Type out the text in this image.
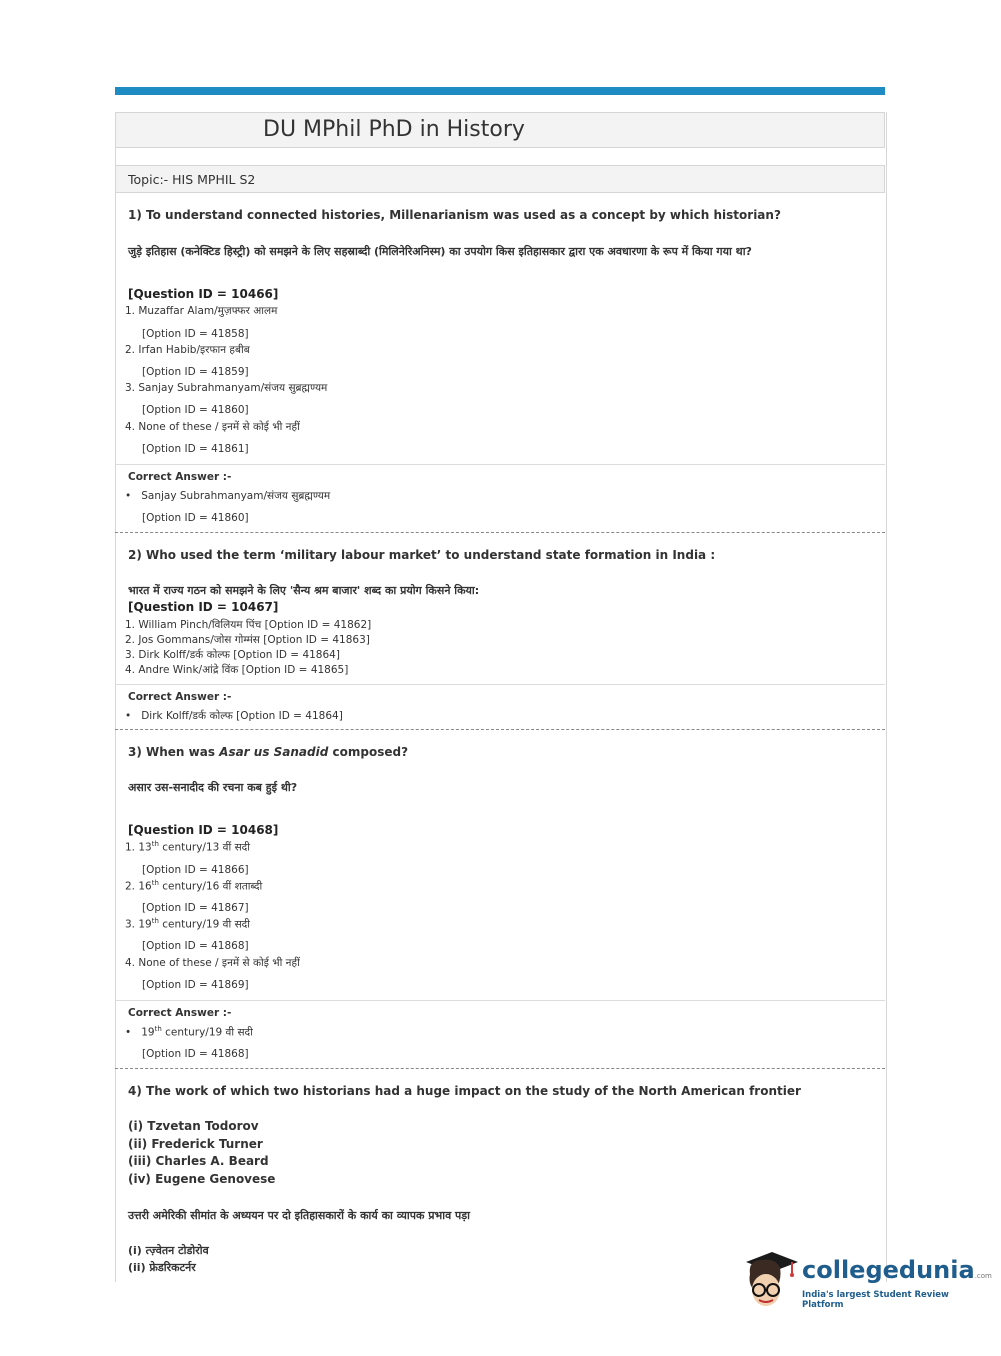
DU MPhil PhD in History
Topic:- HIS MPHIL S2
1) To understand connected histories, Millenarianism was used as a concept by which historian?
जुड़े इतिहास (कनेक्टिड हिस्ट्री) को समझने के लिए सहस्राब्दी (मिलिनेरिअनिस्म) का उपयोग किस इतिहासकार द्वारा एक अवधारणा के रूप में किया गया था?
[Question ID = 10466]
1. Muzaffar Alam/मुज़फ्फर आलम
[Option ID = 41858]
2. Irfan Habib/इरफान हबीब
[Option ID = 41859]
3. Sanjay Subrahmanyam/संजय सुब्रह्मण्यम
[Option ID = 41860]
4. None of these / इनमें से कोई भी नहीं
[Option ID = 41861]
Correct Answer :-
•   Sanjay Subrahmanyam/संजय सुब्रह्मण्यम
[Option ID = 41860]
2) Who used the term ‘military labour market’ to understand state formation in India :
भारत में राज्य गठन को समझने के लिए 'सैन्य श्रम बाजार' शब्द का प्रयोग किसने किया:
[Question ID = 10467]
1. William Pinch/विलियम पिंच [Option ID = 41862]
2. Jos Gommans/जोस गोम्मंस [Option ID = 41863]
3. Dirk Kolff/डर्क कोल्फ [Option ID = 41864]
4. Andre Wink/आंद्रे विंक [Option ID = 41865]
Correct Answer :-
•   Dirk Kolff/डर्क कोल्फ [Option ID = 41864]
3) When was Asar us Sanadid composed?
असार उस-सनादीद की रचना कब हुई थी?
[Question ID = 10468]
1. 13th century/13 वीं सदी
[Option ID = 41866]
2. 16th century/16 वीं शताब्दी
[Option ID = 41867]
3. 19th century/19 वी सदी
[Option ID = 41868]
4. None of these / इनमें से कोई भी नहीं
[Option ID = 41869]
Correct Answer :-
•   19th century/19 वी सदी
[Option ID = 41868]
4) The work of which two historians had a huge impact on the study of the North American frontier
(i) Tzvetan Todorov
(ii) Frederick Turner
(iii) Charles A. Beard
(iv) Eugene Genovese
उत्तरी अमेरिकी सीमांत के अध्ययन पर दो इतिहासकारों के कार्य का व्यापक प्रभाव पड़ा
(i) त्ज़्वेतन टोडोरोव
(ii) फ्रेडरिकटर्नर	collegedunia.com
India's largest Student Review Platform
